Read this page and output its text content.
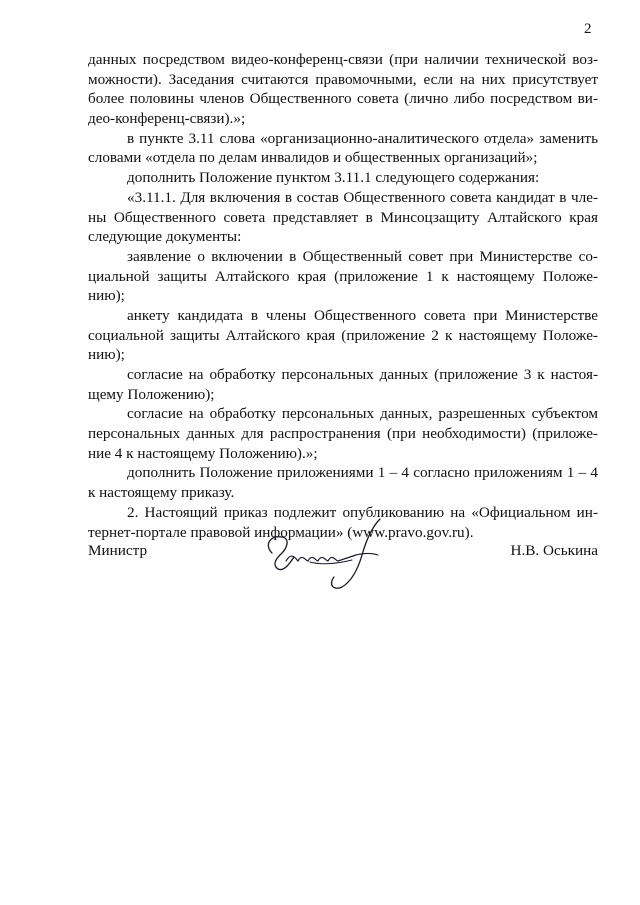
2
данных посредством видео-конференц-связи (при наличии технической воз-
можности). Заседания считаются правомочными, если на них присутствует
более половины членов Общественного совета (лично либо посредством ви-
део-конференц-связи).»;
в пункте 3.11 слова «организационно-аналитического отдела» заменить
словами «отдела по делам инвалидов и общественных организаций»;
дополнить Положение пунктом 3.11.1 следующего содержания:
«3.11.1. Для включения в состав Общественного совета кандидат в чле-
ны Общественного совета представляет в Минсоцзащиту Алтайского края
следующие документы:
заявление о включении в Общественный совет при Министерстве со-
циальной защиты Алтайского края (приложение 1 к настоящему Положе-
нию);
анкету кандидата в члены Общественного совета при Министерстве
социальной защиты Алтайского края (приложение 2 к настоящему Положе-
нию);
согласие на обработку персональных данных (приложение 3 к настоя-
щему Положению);
согласие на обработку персональных данных, разрешенных субъектом
персональных данных для распространения (при необходимости) (приложе-
ние 4 к настоящему Положению).»;
дополнить Положение приложениями 1 – 4 согласно приложениям 1 – 4
к настоящему приказу.
2. Настоящий приказ подлежит опубликованию на «Официальном ин-
тернет-портале правовой информации» (www.pravo.gov.ru).
Министр	Н.В. Оськина
